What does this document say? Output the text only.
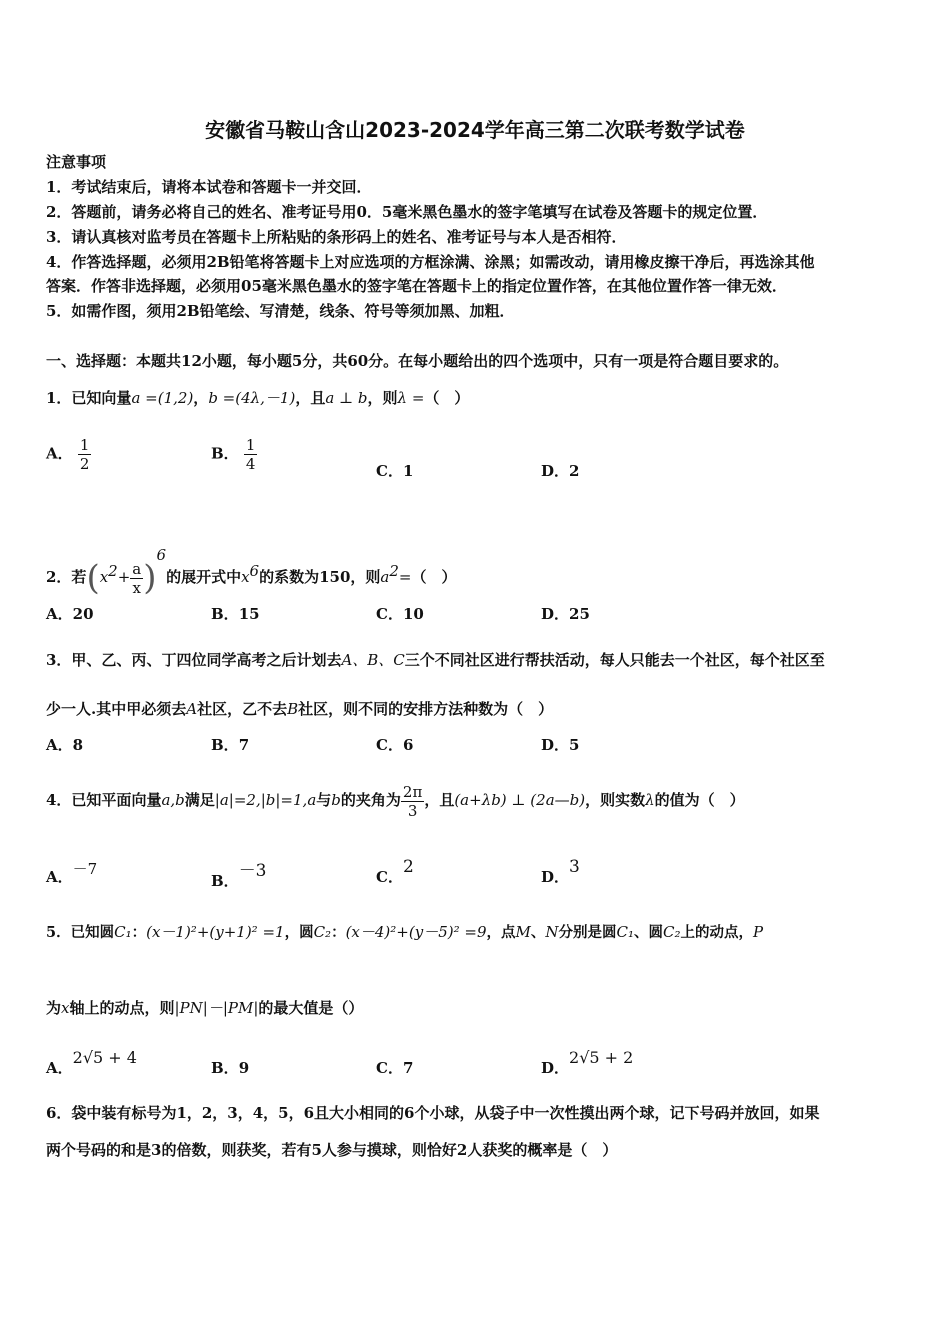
安徽省马鞍山含山2023-2024学年高三第二次联考数学试卷
注意事项
1．考试结束后，请将本试卷和答题卡一并交回．
2．答题前，请务必将自己的姓名、准考证号用0．5毫米黑色墨水的签字笔填写在试卷及答题卡的规定位置．
3．请认真核对监考员在答题卡上所粘贴的条形码上的姓名、准考证号与本人是否相符．
4．作答选择题，必须用2B铅笔将答题卡上对应选项的方框涂满、涂黑；如需改动，请用橡皮擦干净后，再选涂其他
答案．作答非选择题，必须用05毫米黑色墨水的签字笔在答题卡上的指定位置作答，在其他位置作答一律无效．
5．如需作图，须用2B铅笔绘、写清楚，线条、符号等须加黑、加粗．
一、选择题：本题共12小题，每小题5分，共60分。在每小题给出的四个选项中，只有一项是符合题目要求的。
1．已知向量a =(1,2)，b =(4λ,－1)，且a ⊥ b，则λ =（　）
A． $\frac{1}{2}$	B． $\frac{1}{4}$	C．1	D．2
2．若$(x^2+ \frac{a}{x} )^6$的展开式中$x^6$的系数为150，则$a^2=$（　）
A．20	B．15	C．10	D．25
3．甲、乙、丙、丁四位同学高考之后计划去A、B、C三个不同社区进行帮扶活动，每人只能去一个社区，每个社区至
少一人.其中甲必须去A社区，乙不去B社区，则不同的安排方法种数为（　）
A．8	B．7	C．6	D．5
4．已知平面向量a,b满足|a|=2,|b|=1,a与b的夹角为 $\frac{2\pi}{3}$ ，且(a+λb) ⊥ (2a—b)，则实数λ的值为（　）
A．－7
B．－3	C．2	D．3
5．已知圆C₁：(x－1)²+(y+1)² =1，圆C₂：(x－4)²+(y－5)² =9，点M、N分别是圆C₁、圆C₂上的动点，P
为x轴上的动点，则|PN|－|PM|的最大值是（）
A．2√5 + 4
B．9	C．7	D．2√5 + 2
6．袋中装有标号为1，2，3，4，5，6且大小相同的6个小球，从袋子中一次性摸出两个球，记下号码并放回，如果
两个号码的和是3的倍数，则获奖，若有5人参与摸球，则恰好2人获奖的概率是（　）
